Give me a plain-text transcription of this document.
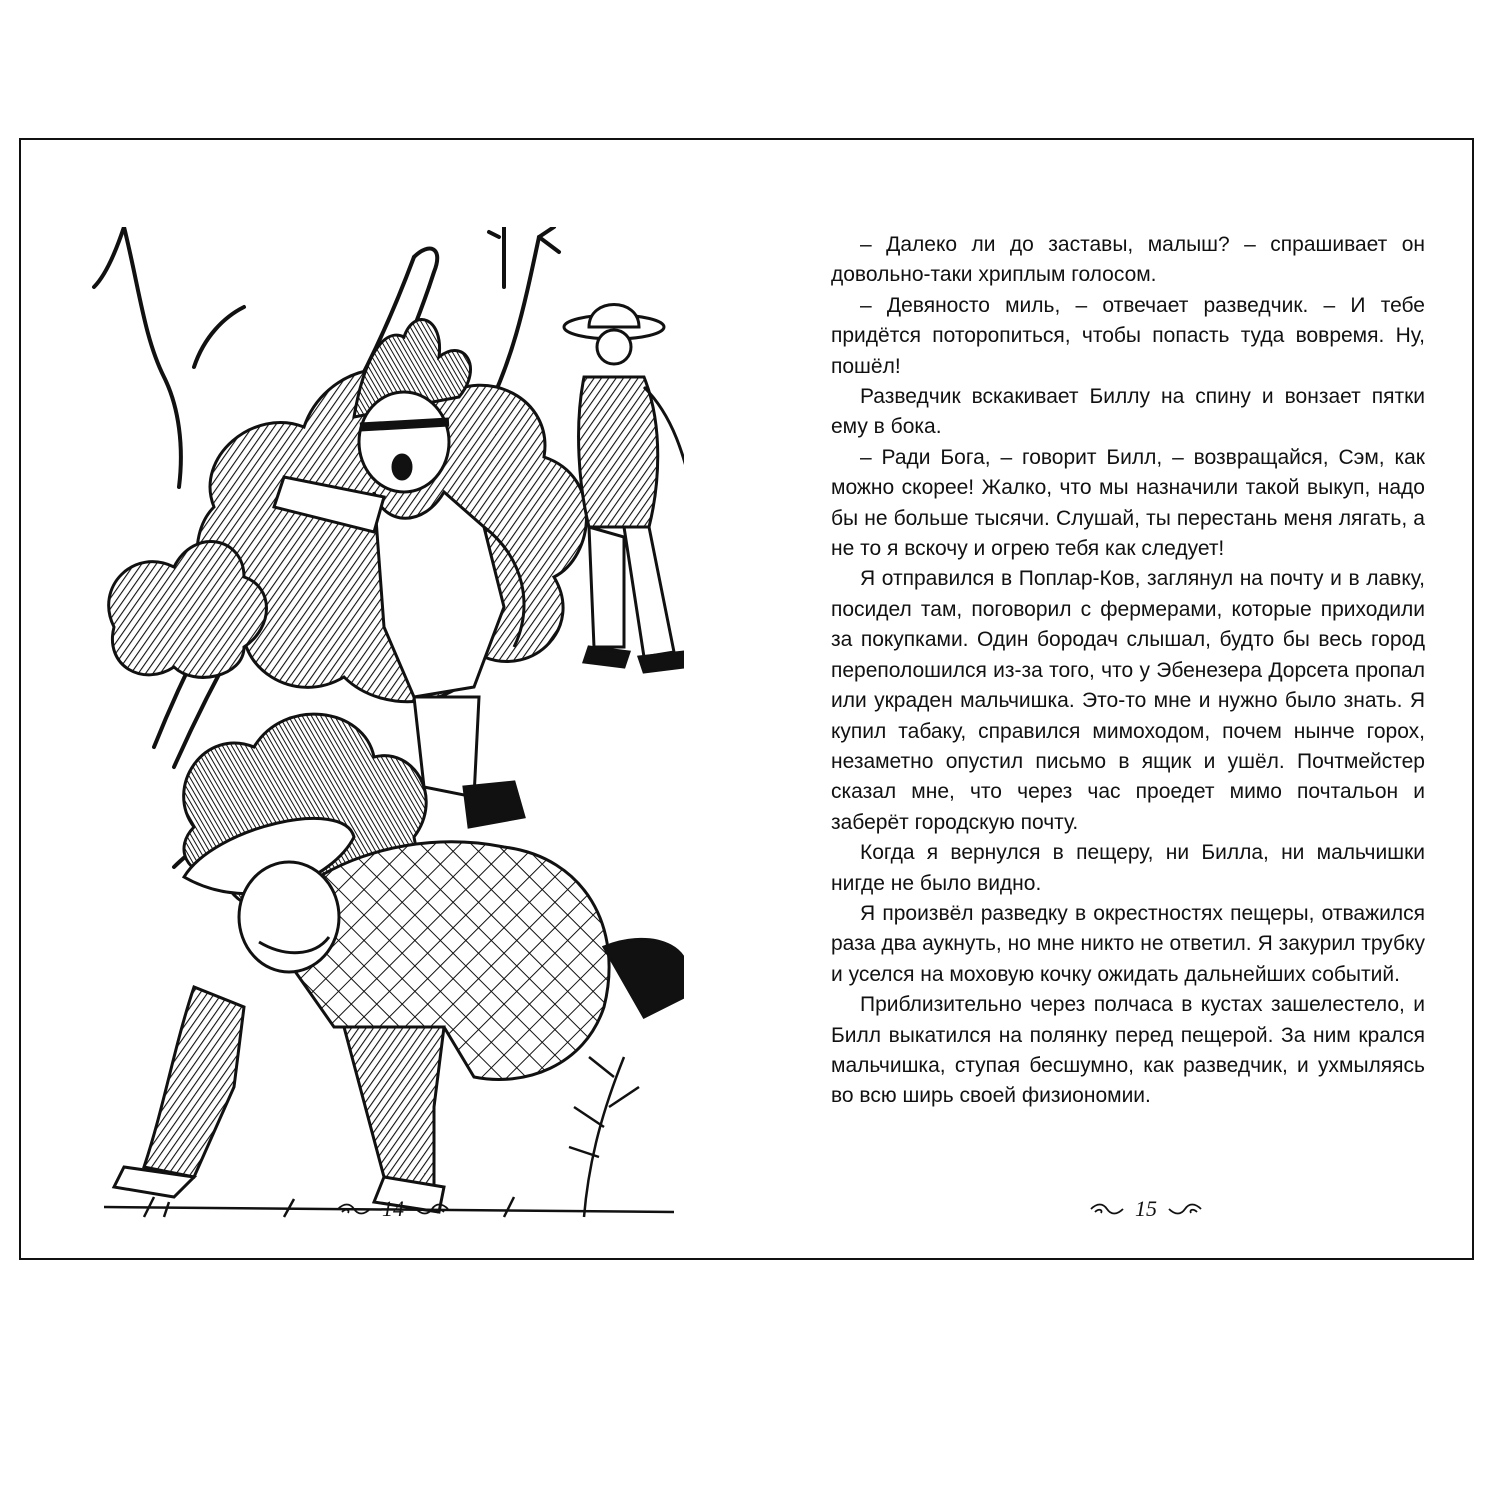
– Далеко ли до заставы, малыш? – спрашивает он довольно-таки хриплым голосом.

– Девяносто миль, – отвечает разведчик. – И тебе придётся поторопиться, чтобы попасть туда вовремя. Ну, пошёл!

Разведчик вскакивает Биллу на спину и вонзает пятки ему в бока.

– Ради Бога, – говорит Билл, – возвращайся, Сэм, как можно скорее! Жалко, что мы назначили такой выкуп, надо бы не больше тысячи. Слушай, ты перестань меня лягать, а не то я вскочу и огрею тебя как следует!

Я отправился в Поплар-Ков, заглянул на почту и в лавку, посидел там, поговорил с фермерами, которые приходили за покупками. Один бородач слышал, будто бы весь город переполошился из-за того, что у Эбенезера Дорсета пропал или украден мальчишка. Это-то мне и нужно было знать. Я купил табаку, справился мимоходом, почем нынче горох, незаметно опустил письмо в ящик и ушёл. Почтмейстер сказал мне, что через час проедет мимо почтальон и заберёт городскую почту.

Когда я вернулся в пещеру, ни Билла, ни мальчишки нигде не было видно.

Я произвёл разведку в окрестностях пещеры, отважился раза два аукнуть, но мне никто не ответил. Я закурил трубку и уселся на моховую кочку ожидать дальнейших событий.

Приблизительно через полчаса в кустах зашелестело, и Билл выкатился на полянку перед пещерой. За ним крался мальчишка, ступая бесшумно, как разведчик, и ухмыляясь во всю ширь своей физиономии.

14	15
